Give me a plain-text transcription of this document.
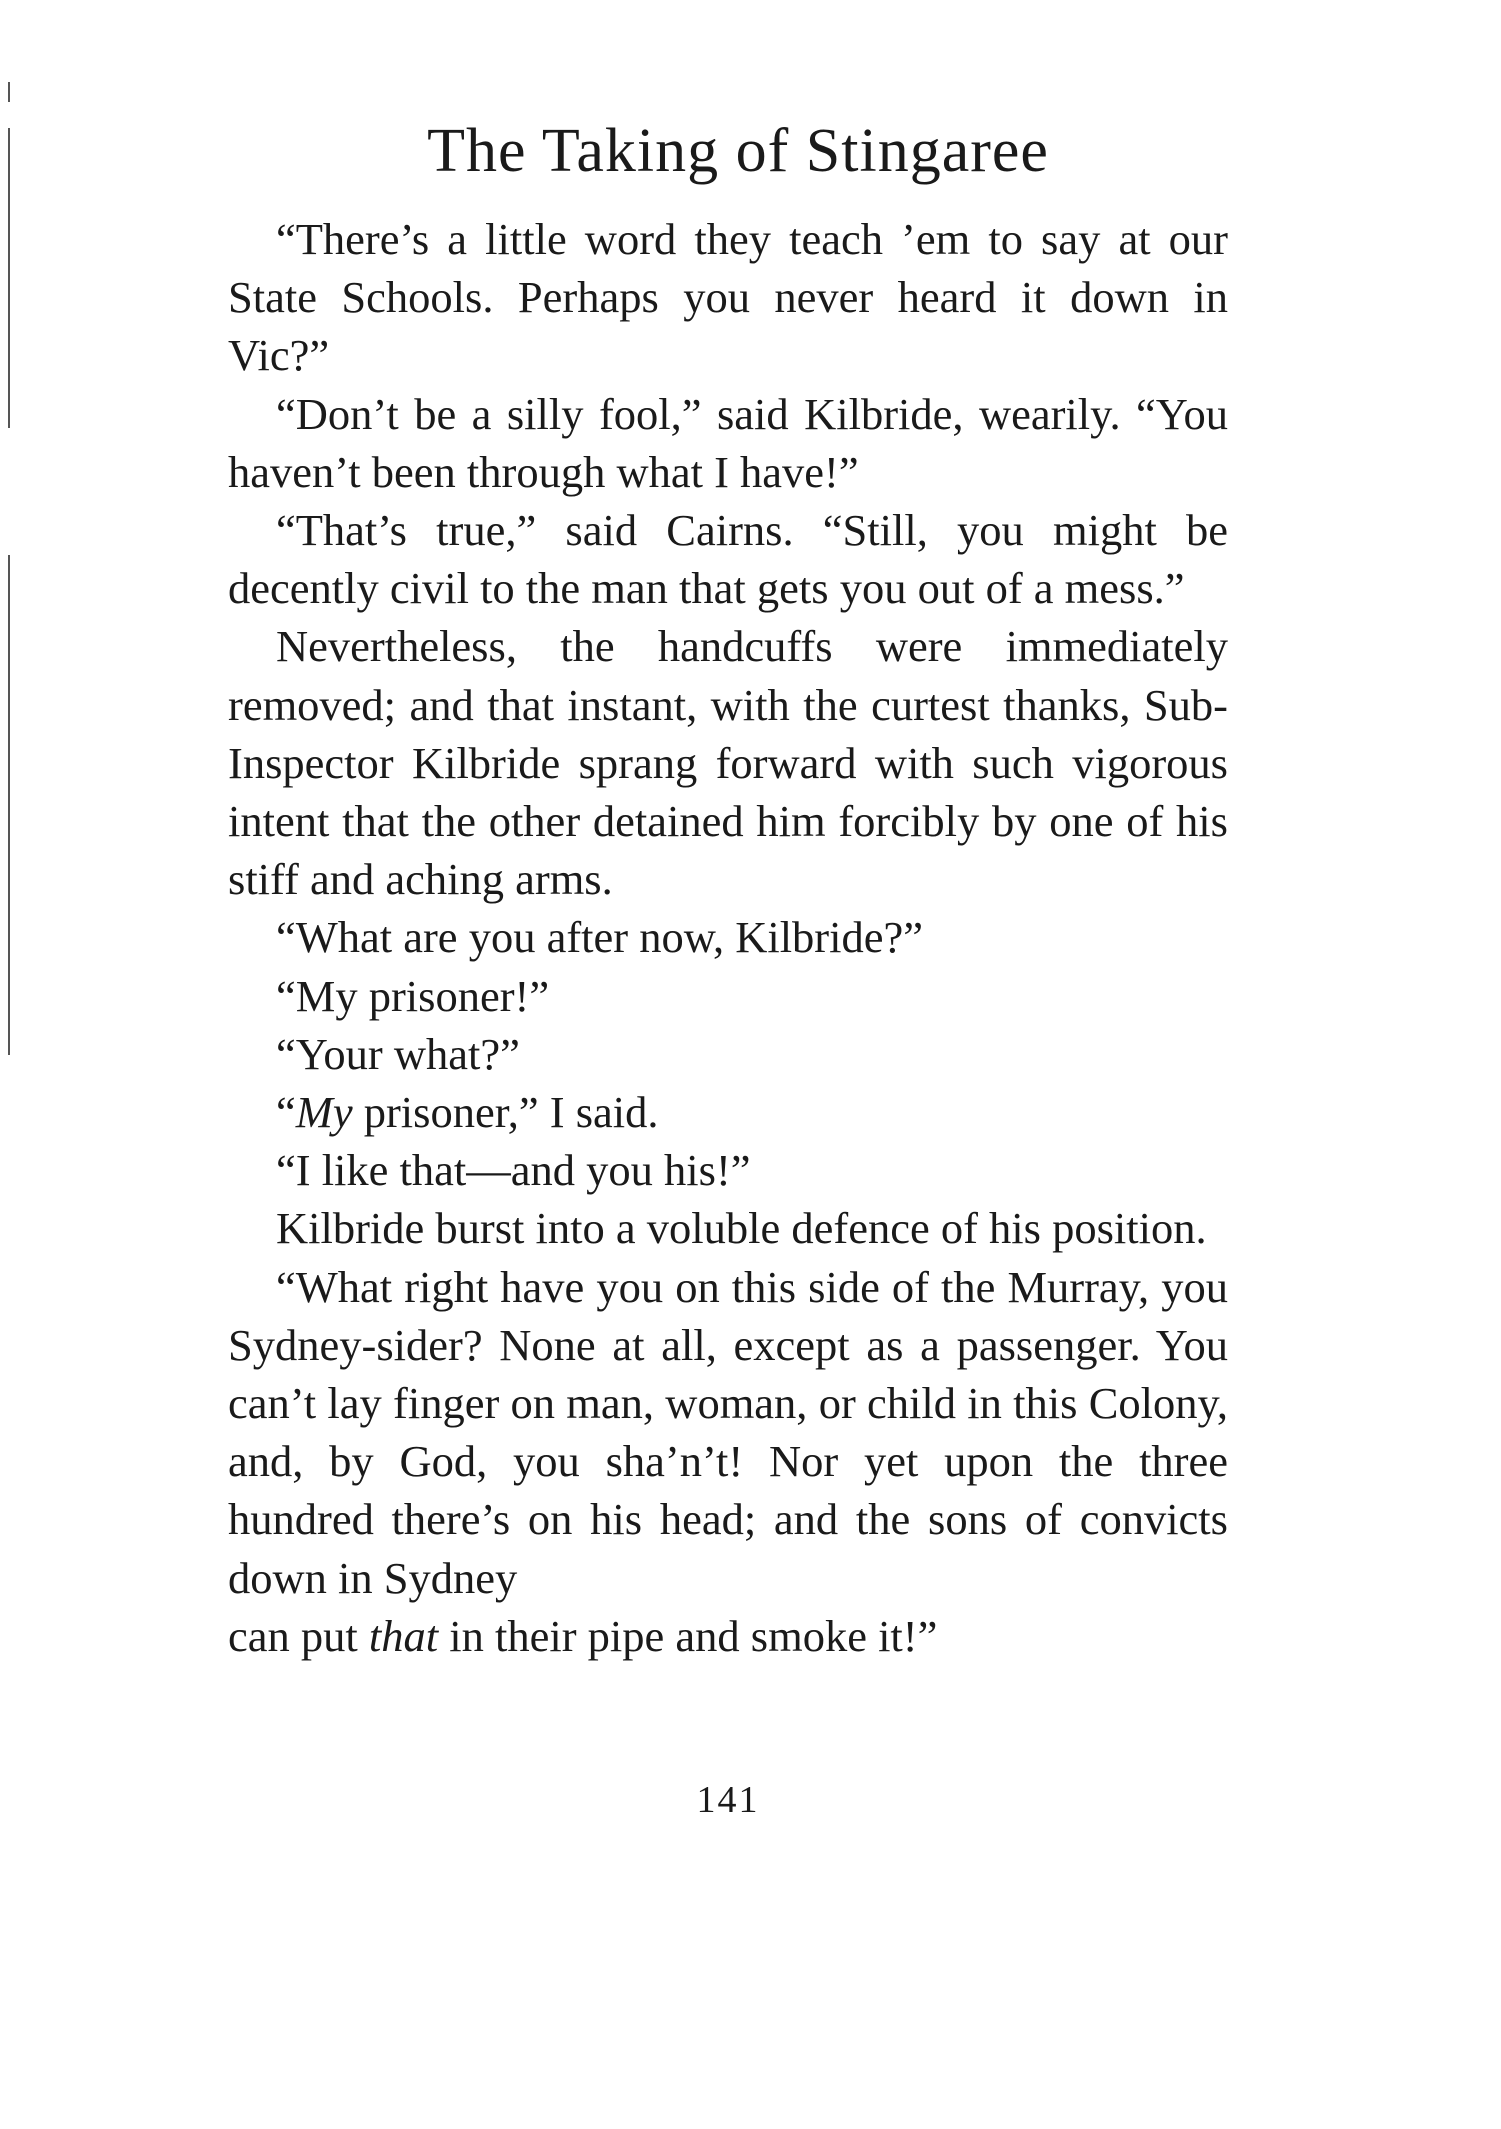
The Taking of Stingaree

“There’s a little word they teach ’em to say at our State Schools. Perhaps you never heard it down in Vic?”

“Don’t be a silly fool,” said Kilbride, wearily. “You haven’t been through what I have!”

“That’s true,” said Cairns. “Still, you might be decently civil to the man that gets you out of a mess.”

Nevertheless, the handcuffs were immediately removed; and that instant, with the curtest thanks, Sub-Inspector Kilbride sprang forward with such vigorous intent that the other detained him forcibly by one of his stiff and aching arms.

“What are you after now, Kilbride?”

“My prisoner!”

“Your what?”

“My prisoner,” I said.

“I like that—and you his!”

Kilbride burst into a voluble defence of his position.

“What right have you on this side of the Murray, you Sydney-sider? None at all, except as a passenger. You can’t lay finger on man, woman, or child in this Colony, and, by God, you sha’n’t! Nor yet upon the three hundred there’s on his head; and the sons of convicts down in Sydney

can put that in their pipe and smoke it!”

141
